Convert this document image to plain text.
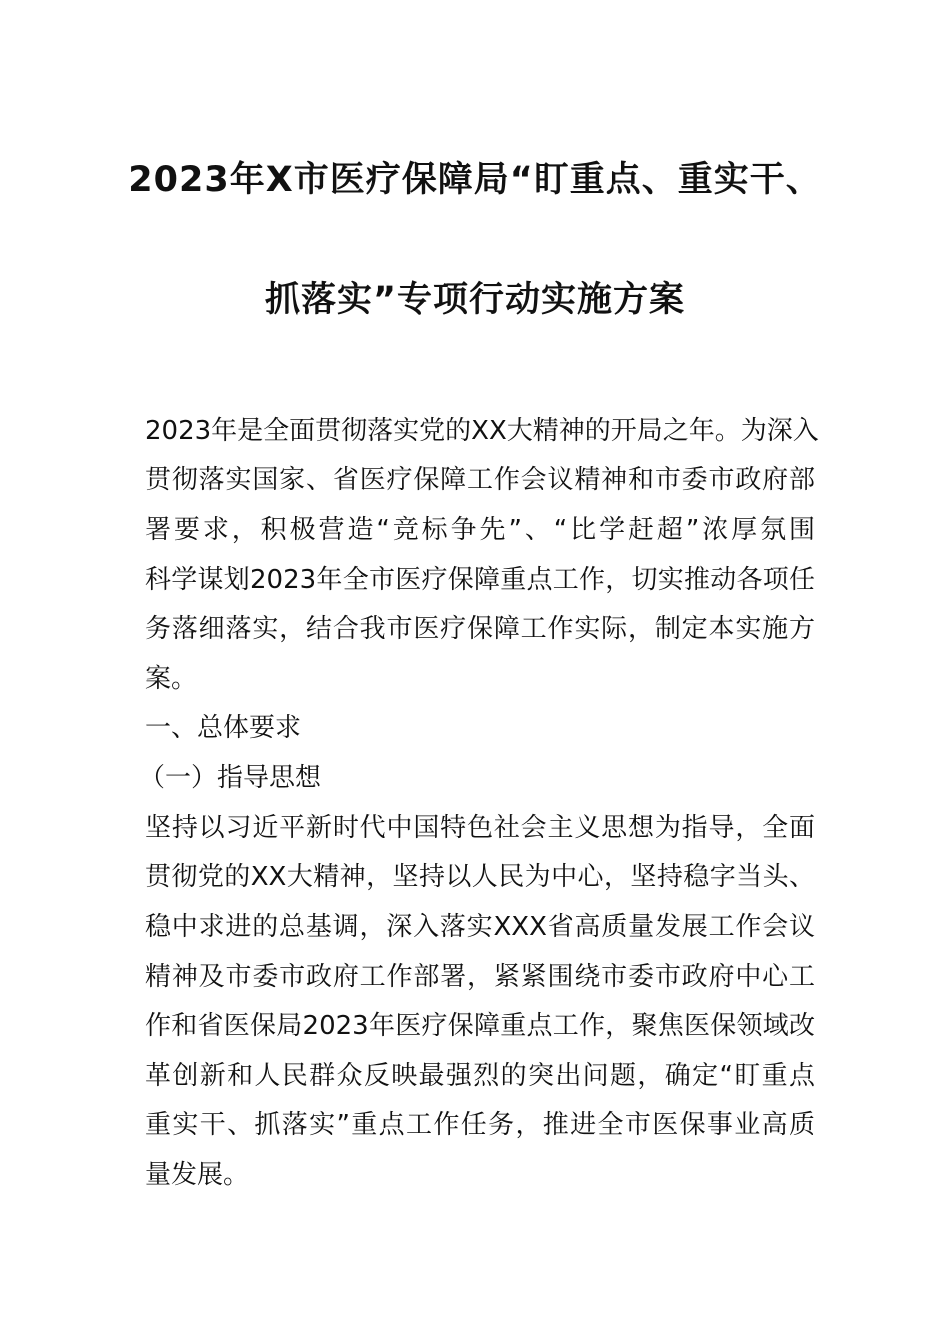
2023年X市医疗保障局“盯重点、重实干、
抓落实”专项行动实施方案
2023年是全面贯彻落实党的XX大精神的开局之年。为深入
贯彻落实国家、省医疗保障工作会议精神和市委市政府部
署要求，积极营造“竞标争先”、“比学赶超”浓厚氛围
科学谋划2023年全市医疗保障重点工作，切实推动各项任
务落细落实，结合我市医疗保障工作实际，制定本实施方
案。
一、总体要求
（一）指导思想
坚持以习近平新时代中国特色社会主义思想为指导，全面
贯彻党的XX大精神，坚持以人民为中心，坚持稳字当头、
稳中求进的总基调，深入落实XXX省高质量发展工作会议
精神及市委市政府工作部署，紧紧围绕市委市政府中心工
作和省医保局2023年医疗保障重点工作，聚焦医保领域改
革创新和人民群众反映最强烈的突出问题，确定“盯重点
重实干、抓落实”重点工作任务，推进全市医保事业高质
量发展。
